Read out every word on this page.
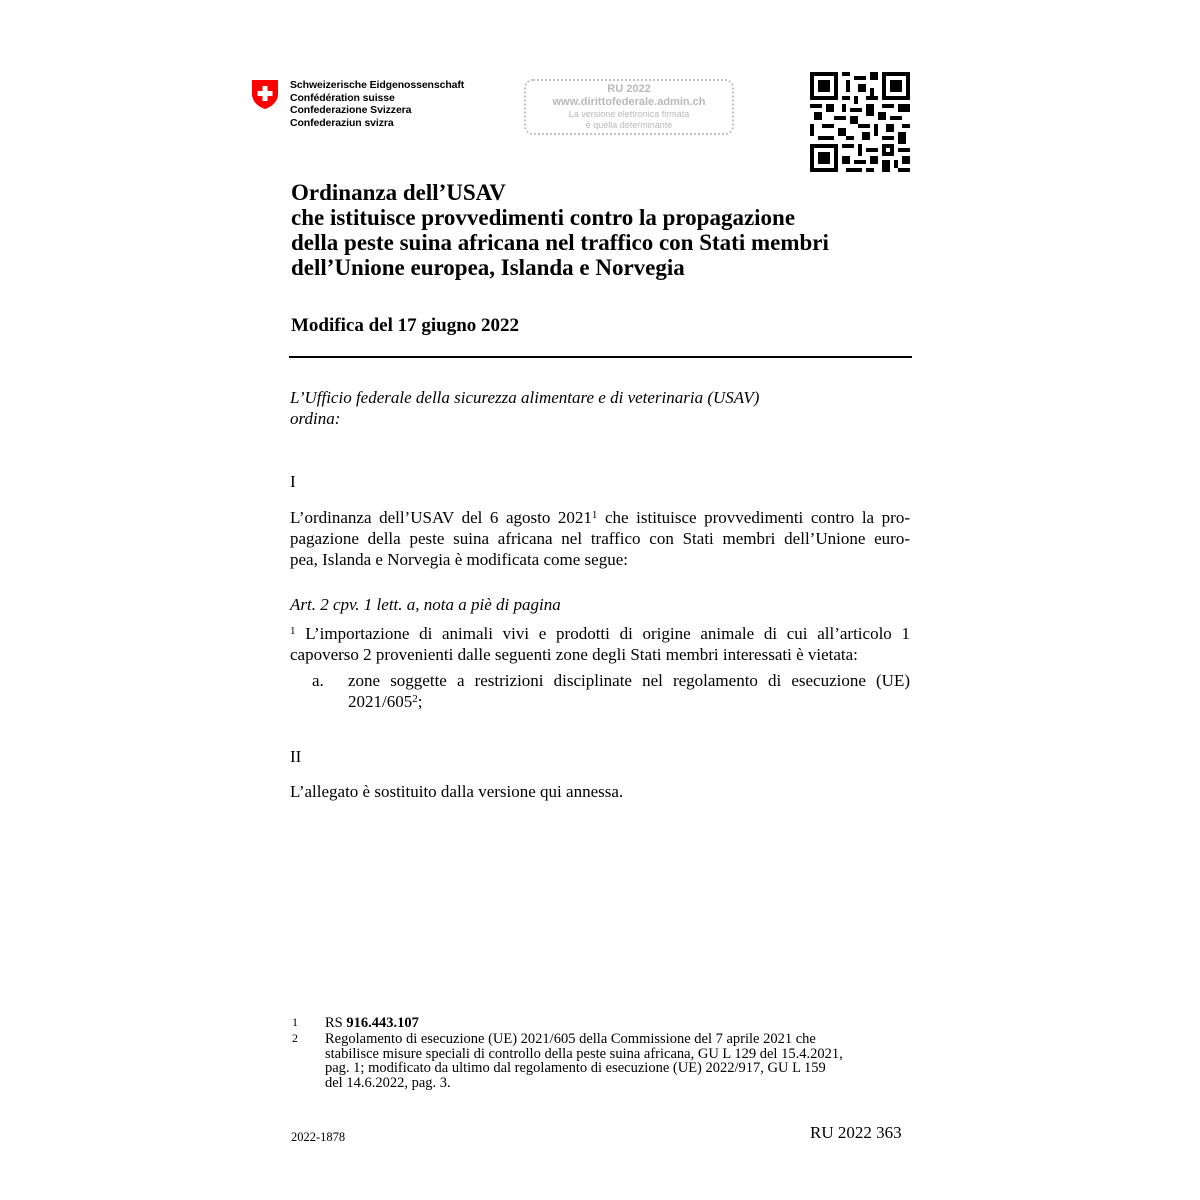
Schweizerische Eidgenossenschaft
Confédération suisse
Confederazione Svizzera
Confederaziun svizra
RU 2022
www.dirittofederale.admin.ch
La versione elettronica firmata
è quella determinante
Ordinanza dell’USAV
che istituisce provvedimenti contro la propagazione
della peste suina africana nel traffico con Stati membri
dell’Unione europea, Islanda e Norvegia
Modifica del 17 giugno 2022
L’Ufficio federale della sicurezza alimentare e di veterinaria (USAV)
ordina:
I
L’ordinanza dell’USAV del 6 agosto 2021$^1$ che istituisce provvedimenti contro la pro-
pagazione della peste suina africana nel traffico con Stati membri dell’Unione euro-
pea, Islanda e Norvegia è modificata come segue:
Art. 2 cpv. 1 lett. a, nota a piè di pagina
$^1$ L’importazione di animali vivi e prodotti di origine animale di cui all’articolo 1
capoverso 2 provenienti dalle seguenti zone degli Stati membri interessati è vietata:
a. zone soggette a restrizioni disciplinate nel regolamento di esecuzione (UE)
$2021/605^2$;
II
L’allegato è sostituito dalla versione qui annessa.
1 RS 916.443.107
2 Regolamento di esecuzione (UE) 2021/605 della Commissione del 7 aprile 2021 che
stabilisce misure speciali di controllo della peste suina africana, GU L 129 del 15.4.2021,
pag. 1; modificato da ultimo dal regolamento di esecuzione (UE) 2022/917, GU L 159
del 14.6.2022, pag. 3.
2022-1878	RU 2022 363
